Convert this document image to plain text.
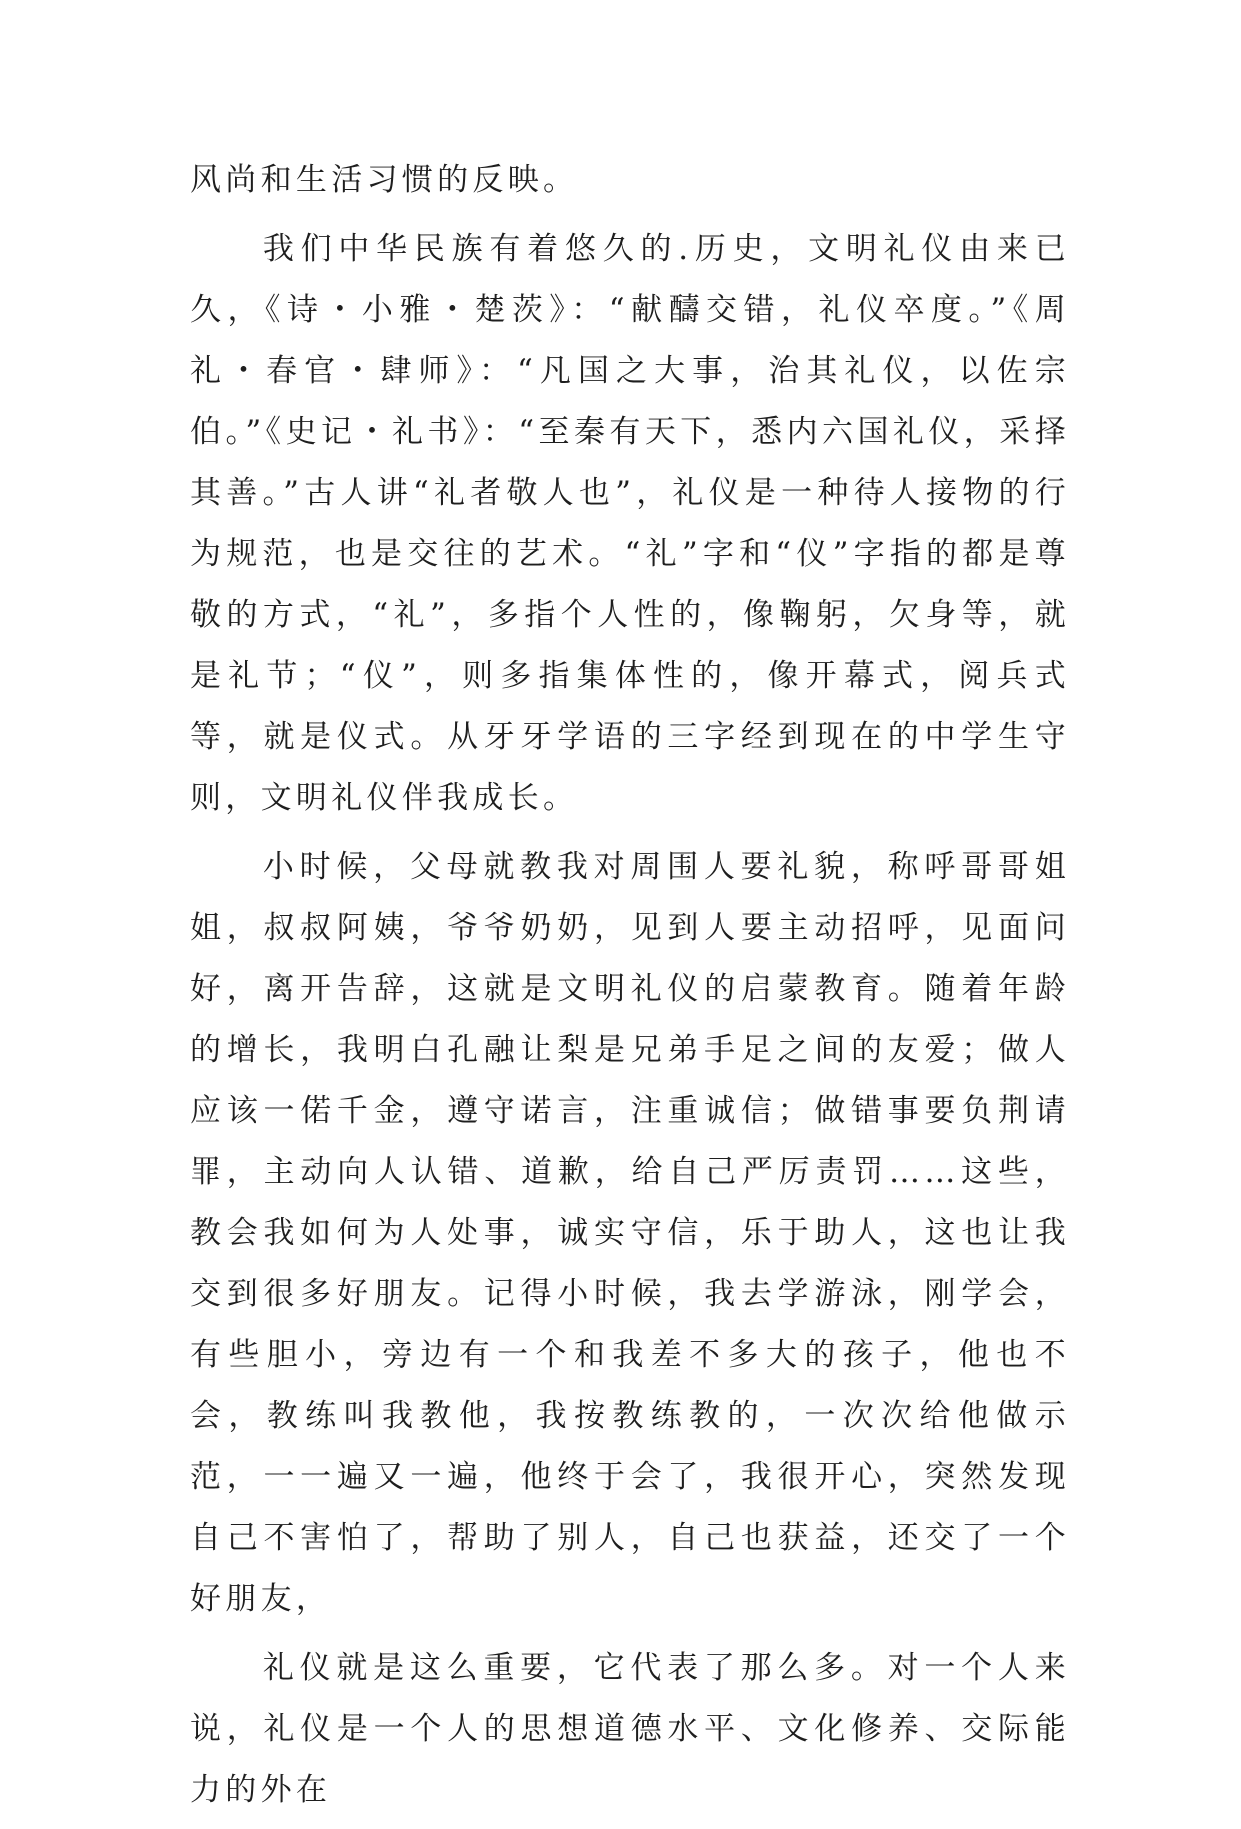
风尚和生活习惯的反映。

我们中华民族有着悠久的.历史，文明礼仪由来已久，《诗・小雅・楚茨》：“献醻交错，礼仪卒度。”《周礼・春官・肆师》：“凡国之大事，治其礼仪，以佐宗伯。”《史记・礼书》：“至秦有天下，悉内六国礼仪，采择其善。”古人讲“礼者敬人也”，礼仪是一种待人接物的行为规范，也是交往的艺术。“礼”字和“仪”字指的都是尊敬的方式，“礼”，多指个人性的，像鞠躬，欠身等，就是礼节；“仪”，则多指集体性的，像开幕式，阅兵式等，就是仪式。从牙牙学语的三字经到现在的中学生守则，文明礼仪伴我成长。

小时候，父母就教我对周围人要礼貌，称呼哥哥姐姐，叔叔阿姨，爷爷奶奶，见到人要主动招呼，见面问好，离开告辞，这就是文明礼仪的启蒙教育。随着年龄的增长，我明白孔融让梨是兄弟手足之间的友爱；做人应该一偌千金，遵守诺言，注重诚信；做错事要负荆请罪，主动向人认错、道歉，给自己严厉责罚……这些，教会我如何为人处事，诚实守信，乐于助人，这也让我交到很多好朋友。记得小时候，我去学游泳，刚学会，有些胆小，旁边有一个和我差不多大的孩子，他也不会，教练叫我教他，我按教练教的，一次次给他做示范，一一遍又一遍，他终于会了，我很开心，突然发现自己不害怕了，帮助了别人，自己也获益，还交了一个好朋友，

礼仪就是这么重要，它代表了那么多。对一个人来说，礼仪是一个人的思想道德水平、文化修养、交际能力的外在
